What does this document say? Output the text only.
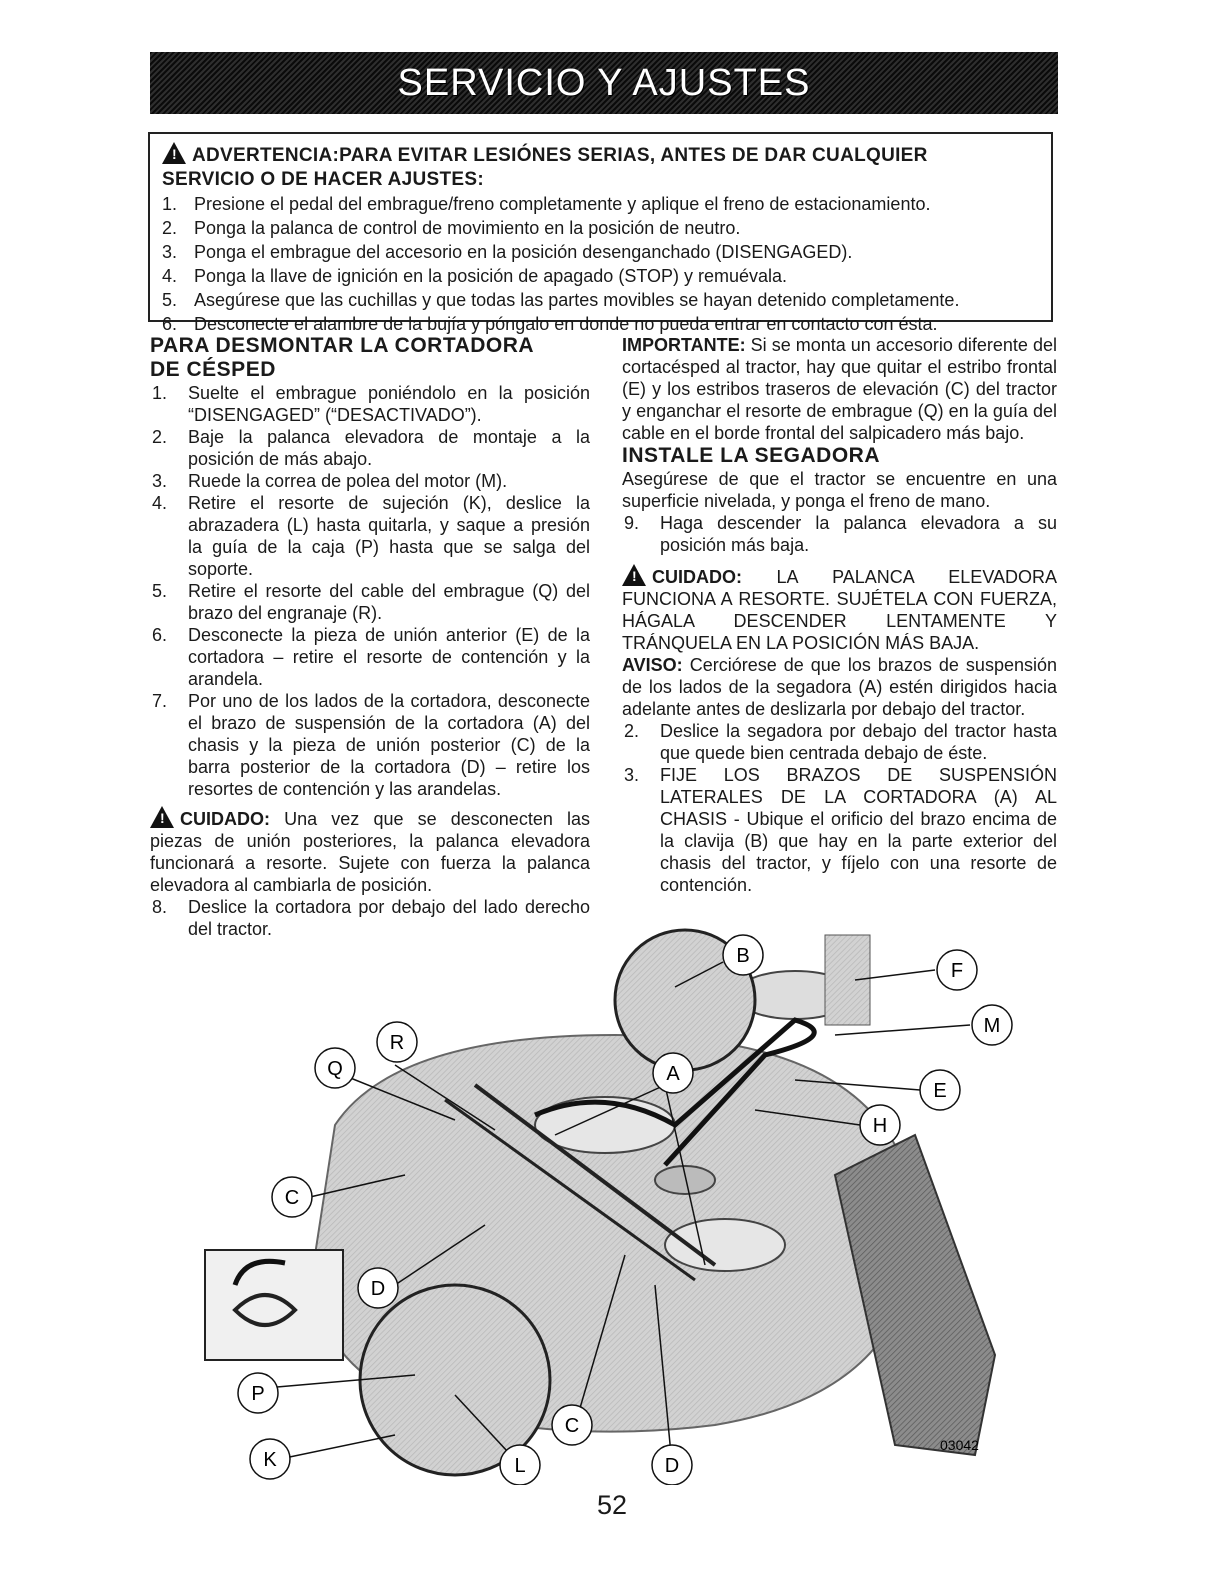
SERVICIO Y AJUSTES
! ADVERTENCIA:PARA EVITAR LESIÓNES SERIAS, ANTES DE DAR CUALQUIER
SERVICIO O DE HACER AJUSTES:
1. Presione el pedal del embrague/freno completamente y aplique el freno de estacionamiento.
2. Ponga la palanca de control de movimiento en la posición de neutro.
3. Ponga el embrague del accesorio en la posición desenganchado (DISENGAGED).
4. Ponga la llave de ignición en la posición de apagado (STOP) y remuévala.
5. Asegúrese que las cuchillas y que todas las partes movibles se hayan detenido completamente.
6. Desconecte el alambre de la bujía y póngalo en donde no pueda entrar en contacto con ésta.

PARA DESMONTAR LA CORTADORA
DE CÉSPED

1. Suelte el embrague poniéndolo en la posición “DISENGAGED” (“DESACTIVADO”).
2. Baje la palanca elevadora de montaje a la posición de más abajo.
3. Ruede la correa de polea del motor (M).
4. Retire el resorte de sujeción (K), deslice la abrazadera (L) hasta quitarla, y saque a presión la guía de la caja (P) hasta que se salga del soporte.
5. Retire el resorte del cable del embrague (Q) del brazo del engranaje (R).
6. Desconecte la pieza de unión anterior (E) de la cortadora – retire el resorte de contención y la arandela.
7. Por uno de los lados de la cortadora, desconecte el brazo de suspensión de la cortadora (A) del chasis y la pieza de unión posterior (C) de la barra posterior de la cortadora (D) – retire los resortes de contención y las arandelas.

! CUIDADO: Una vez que se desconecten las piezas de unión posteriores, la palanca elevadora funcionará a resorte. Sujete con fuerza la palanca elevadora al cambiarla de posición.

8. Deslice la cortadora por debajo del lado derecho del tractor.

IMPORTANTE: Si se monta un accesorio diferente del cortacésped al tractor, hay que quitar el estribo frontal (E) y los estribos traseros de elevación (C) del tractor y enganchar el resorte de embrague (Q) en la guía del cable en el borde frontal del salpicadero más bajo.

INSTALE LA SEGADORA

Asegúrese de que el tractor se encuentre en una superficie nivelada, y ponga el freno de mano.

9. Haga descender la palanca elevadora a su posición más baja.

! CUIDADO: LA PALANCA ELEVADORA FUNCIONA A RESORTE. SUJÉTELA CON FUERZA, HÁGALA DESCENDER LENTAMENTE Y TRÁNQUELA EN LA POSICIÓN MÁS BAJA.

AVISO: Cerciórese de que los brazos de suspensión de los lados de la segadora (A) estén dirigidos hacia adelante antes de deslizarla por debajo del tractor.

2. Deslice la segadora por debajo del tractor hasta que quede bien centrada debajo de éste.
3. FIJE LOS BRAZOS DE SUSPENSIÓN LATERALES DE LA CORTADORA (A) AL CHASIS - Ubique el orificio del brazo encima de la clavija (B) que hay en la parte exterior del chasis del tractor, y fíjelo con una resorte de contención.
B
F
M
E
H
A
R
Q
C
D
P
K	L
C
D
03042
52
